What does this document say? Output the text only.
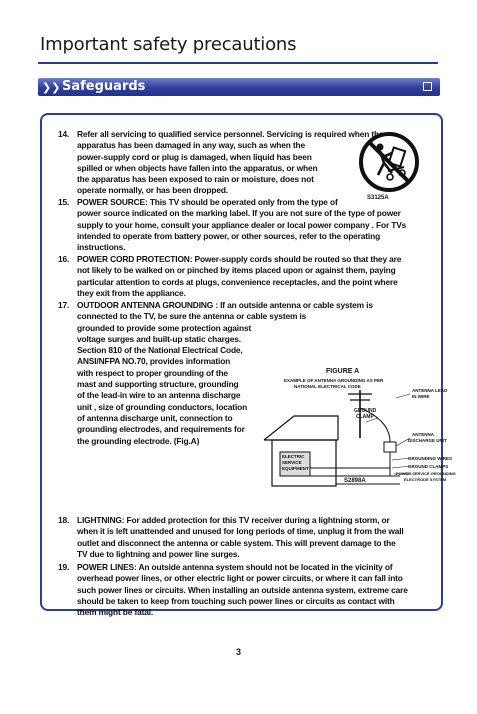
Important safety precautions
❯❯ Safeguards
14. Refer all servicing to qualified service personnel. Servicing is required when the
apparatus has been damaged in any way, such as when the
power-supply cord or plug is damaged, when liquid has been
spilled or when objects have fallen into the apparatus, or when
the apparatus has been exposed to rain or moisture, does not
operate normally, or has been dropped.
S3125A
15. POWER SOURCE: This TV should be operated only from the type of
power source indicated on the marking label. If you are not sure of the type of power
supply to your home, consult your appliance dealer or local power company . For TVs
intended to operate from battery power, or other sources, refer to the operating
instructions.
16. POWER CORD PROTECTION: Power-supply cords should be routed so that they are
not likely to be walked on or pinched by items placed upon or against them, paying
particular attention to cords at plugs, convenience receptacles, and the point where
they exit from the appliance.
17. OUTDOOR ANTENNA GROUNDING : If an outside antenna or cable system is
connected to the TV, be sure the antenna or cable system is
grounded to provide some protection against
voltage surges and built-up static charges.
Section 810 of the National Electrical Code,
ANSI/NFPA NO.70, provides information
with respect to proper grounding of the
mast and supporting structure, grounding
of the lead-in wire to an antenna discharge
unit , size of grounding conductors, location
of antenna discharge unit, connection to
grounding electrodes, and requirements for
the grounding electrode. (Fig.A)
FIGURE A
EXAMPLE OF ANTENNA GROUNDING AS PER
NATIONAL ELECTRICAL CODE
ANTENNA LEAD
IN WIRE
GROUND
CLAMP
ANTENNA
DISCHARGE UNIT
ELECTRIC
SERVICE
EQUIPMENT
GROUNDING WIRES
GROUND CLAMPS
POWER SERVICE GROUNDING
ELECTRODE SYSTEM
S2898A
18. LIGHTNING: For added protection for this TV receiver during a lightning storm, or
when it is left unattended and unused for long periods of time, unplug it from the wall
outlet and disconnect the antenna or cable system. This will prevent damage to the
TV due to lightning and power line surges.
19. POWER LINES: An outside antenna system should not be located in the vicinity of
overhead power lines, or other electric light or power circuits, or where it can fall into
such power lines or circuits. When installing an outside antenna system, extreme care
should be taken to keep from touching such power lines or circuits as contact with
them might be fatal.
3
